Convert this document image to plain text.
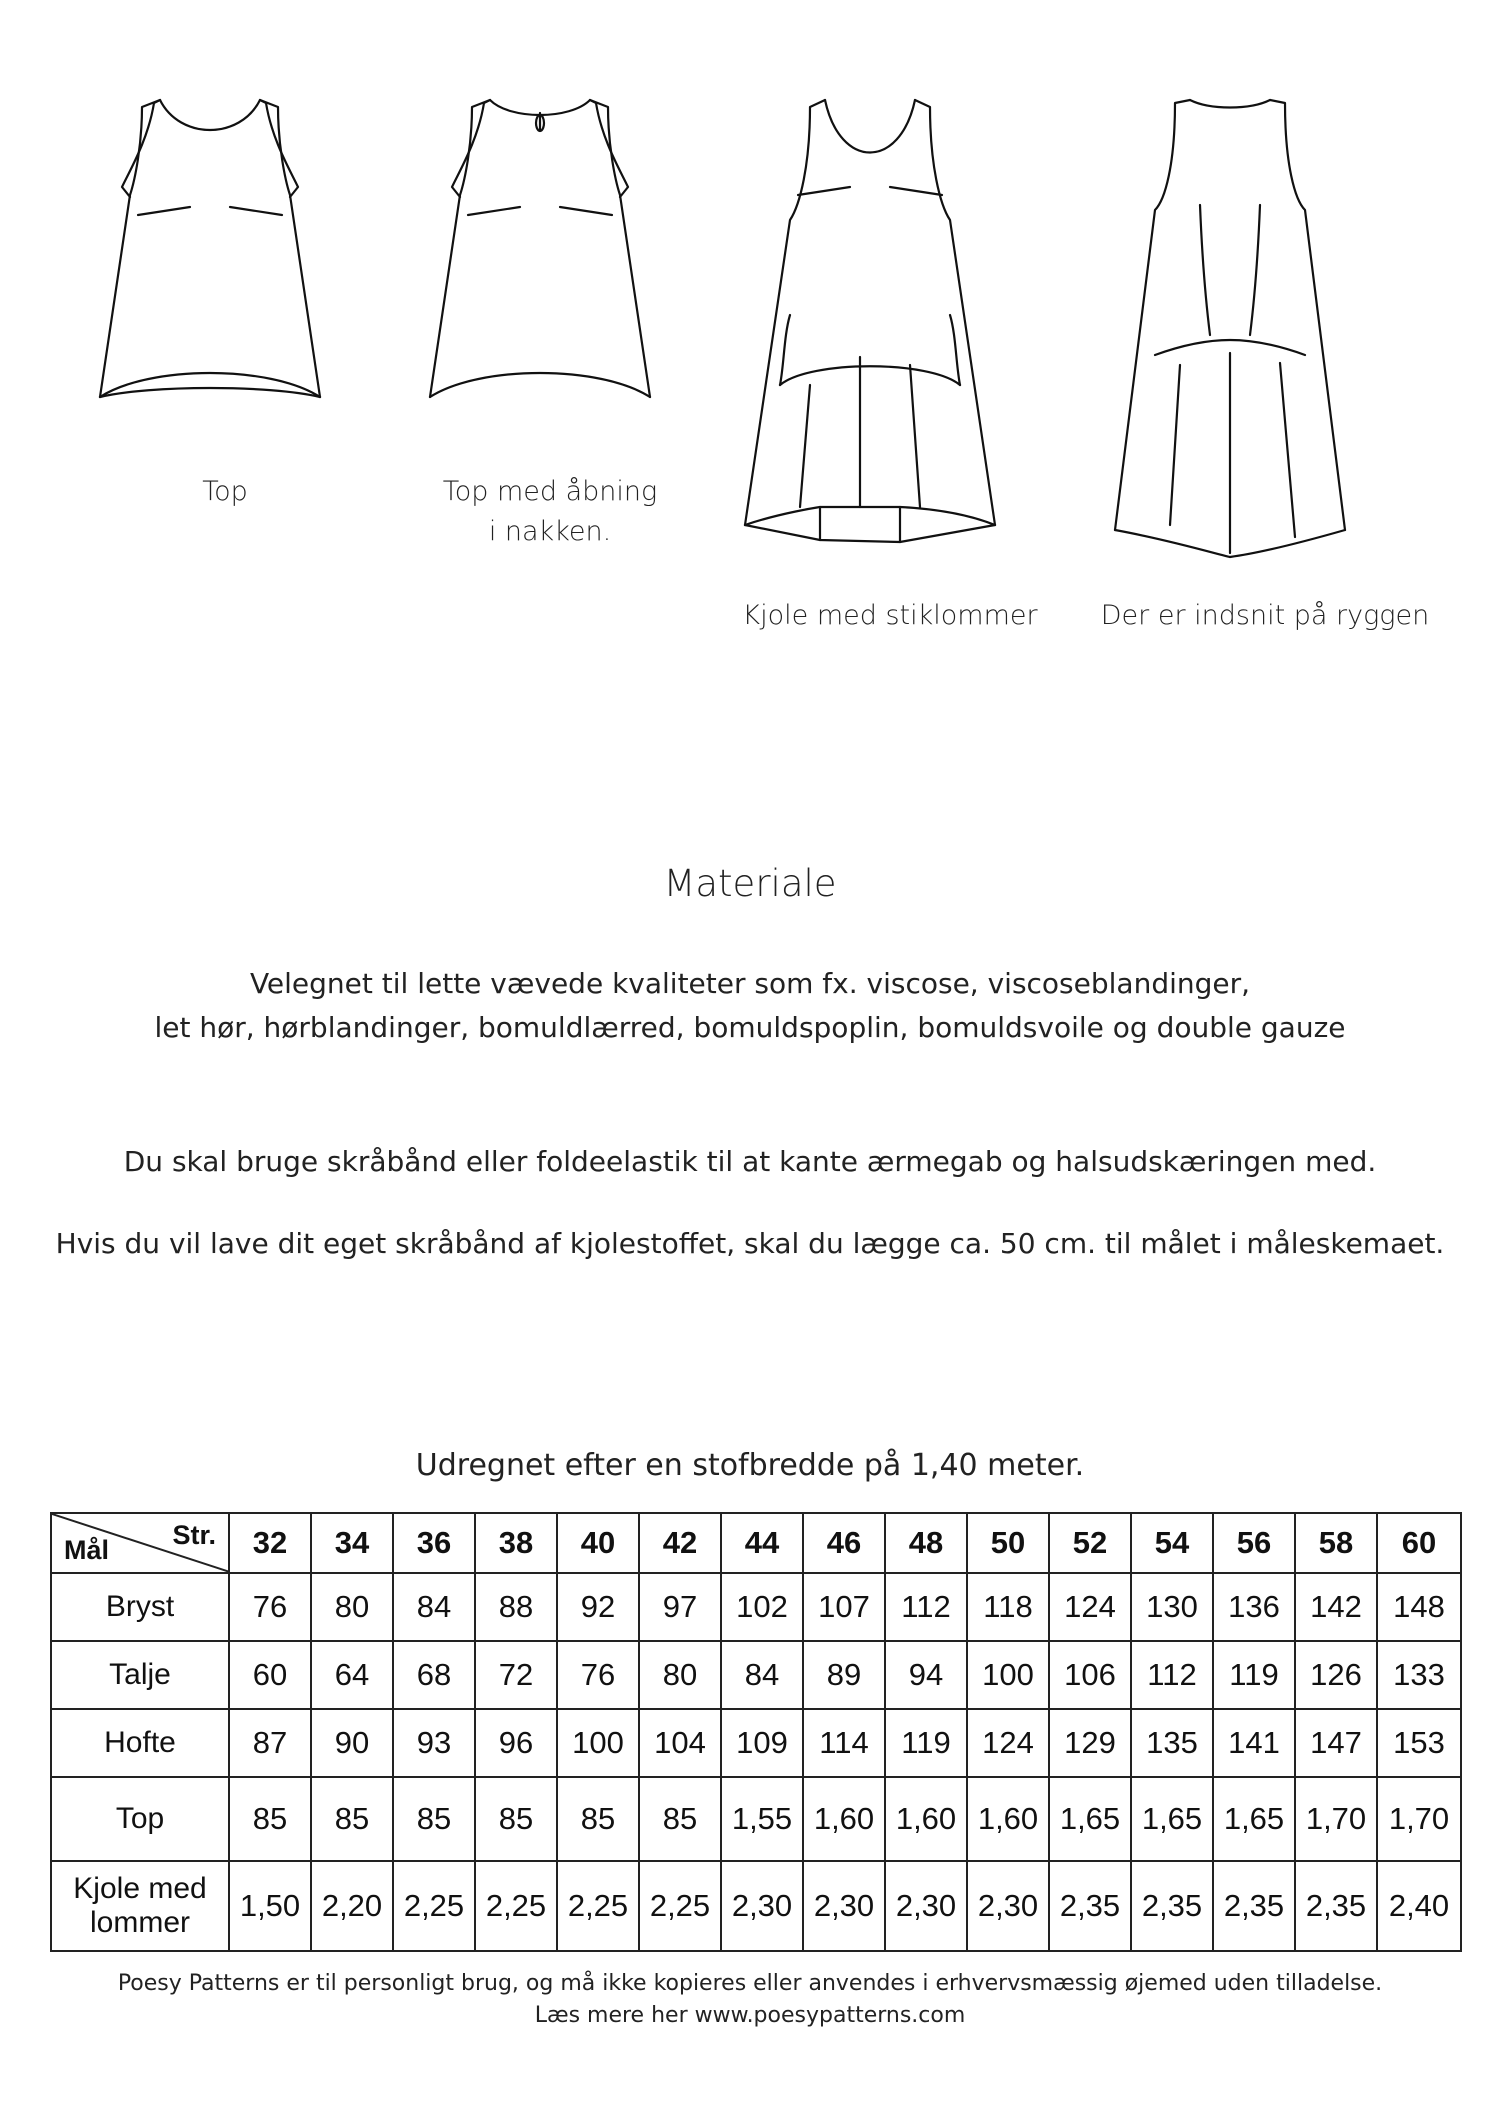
Top	Top med åbning
i nakken.
Kjole med stiklommer	Der er indsnit på ryggen
Materiale
Velegnet til lette vævede kvaliteter som fx. viscose, viscoseblandinger,
let hør, hørblandinger, bomuldlærred, bomuldspoplin, bomuldsvoile og double gauze
Du skal bruge skråbånd eller foldeelastik til at kante ærmegab og halsudskæringen med.
Hvis du vil lave dit eget skråbånd af kjolestoffet, skal du lægge ca. 50 cm. til målet i måleskemaet.
Udregnet efter en stofbredde på 1,40 meter.
Str.
Mål	32	34	36	38	40	42	44	46	48	50	52	54	56	58	60
Bryst	76	80	84	88	92	97	102	107	112	118	124	130	136	142	148
Talje	60	64	68	72	76	80	84	89	94	100	106	112	119	126	133
Hofte	87	90	93	96	100	104	109	114	119	124	129	135	141	147	153
Top	85	85	85	85	85	85	1,55	1,60	1,60	1,60	1,65	1,65	1,65	1,70	1,70
Kjole med lommer	1,50	2,20	2,25	2,25	2,25	2,25	2,30	2,30	2,30	2,30	2,35	2,35	2,35	2,35	2,40
Poesy Patterns er til personligt brug, og må ikke kopieres eller anvendes i erhvervsmæssig øjemed uden tilladelse.
Læs mere her www.poesypatterns.com
